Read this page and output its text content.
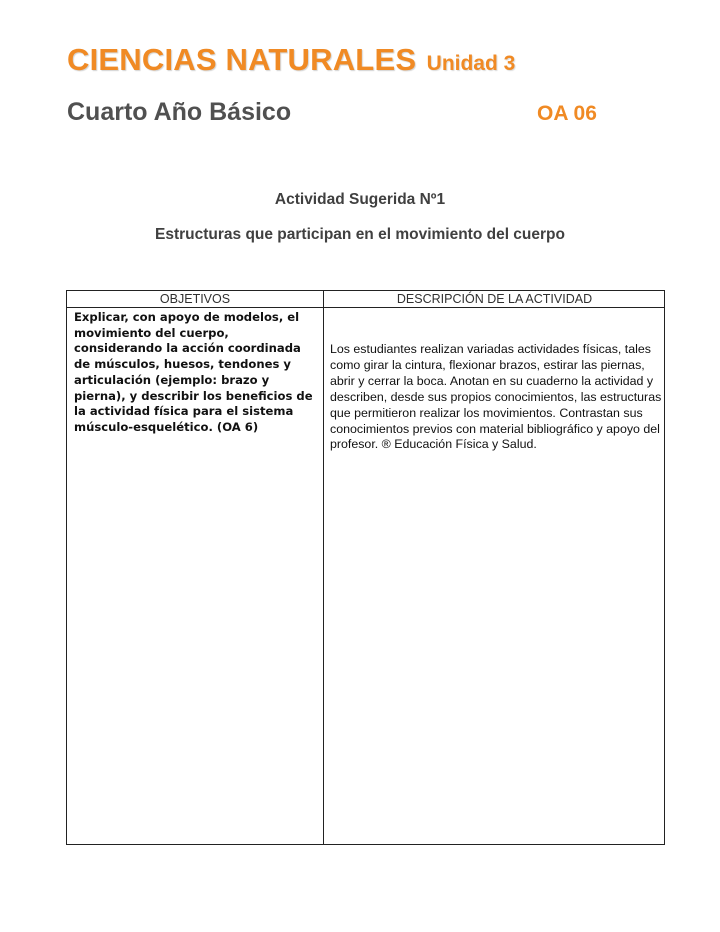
CIENCIAS NATURALES Unidad 3
Cuarto Año Básico	OA 06
Actividad Sugerida Nº1
Estructuras que participan en el movimiento del cuerpo
OBJETIVOS	DESCRIPCIÓN DE LA ACTIVIDAD
Explicar, con apoyo de modelos, el movimiento del cuerpo, considerando la acción coordinada de músculos, huesos, tendones y articulación (ejemplo: brazo y pierna), y describir los beneficios de la actividad física para el sistema músculo-esquelético. (OA 6)
Los estudiantes realizan variadas actividades físicas, tales como girar la cintura, flexionar brazos, estirar las piernas, abrir y cerrar la boca. Anotan en su cuaderno la actividad y describen, desde sus propios conocimientos, las estructuras que permitieron realizar los movimientos. Contrastan sus conocimientos previos con material bibliográfico y apoyo del profesor. ® Educación Física y Salud.
